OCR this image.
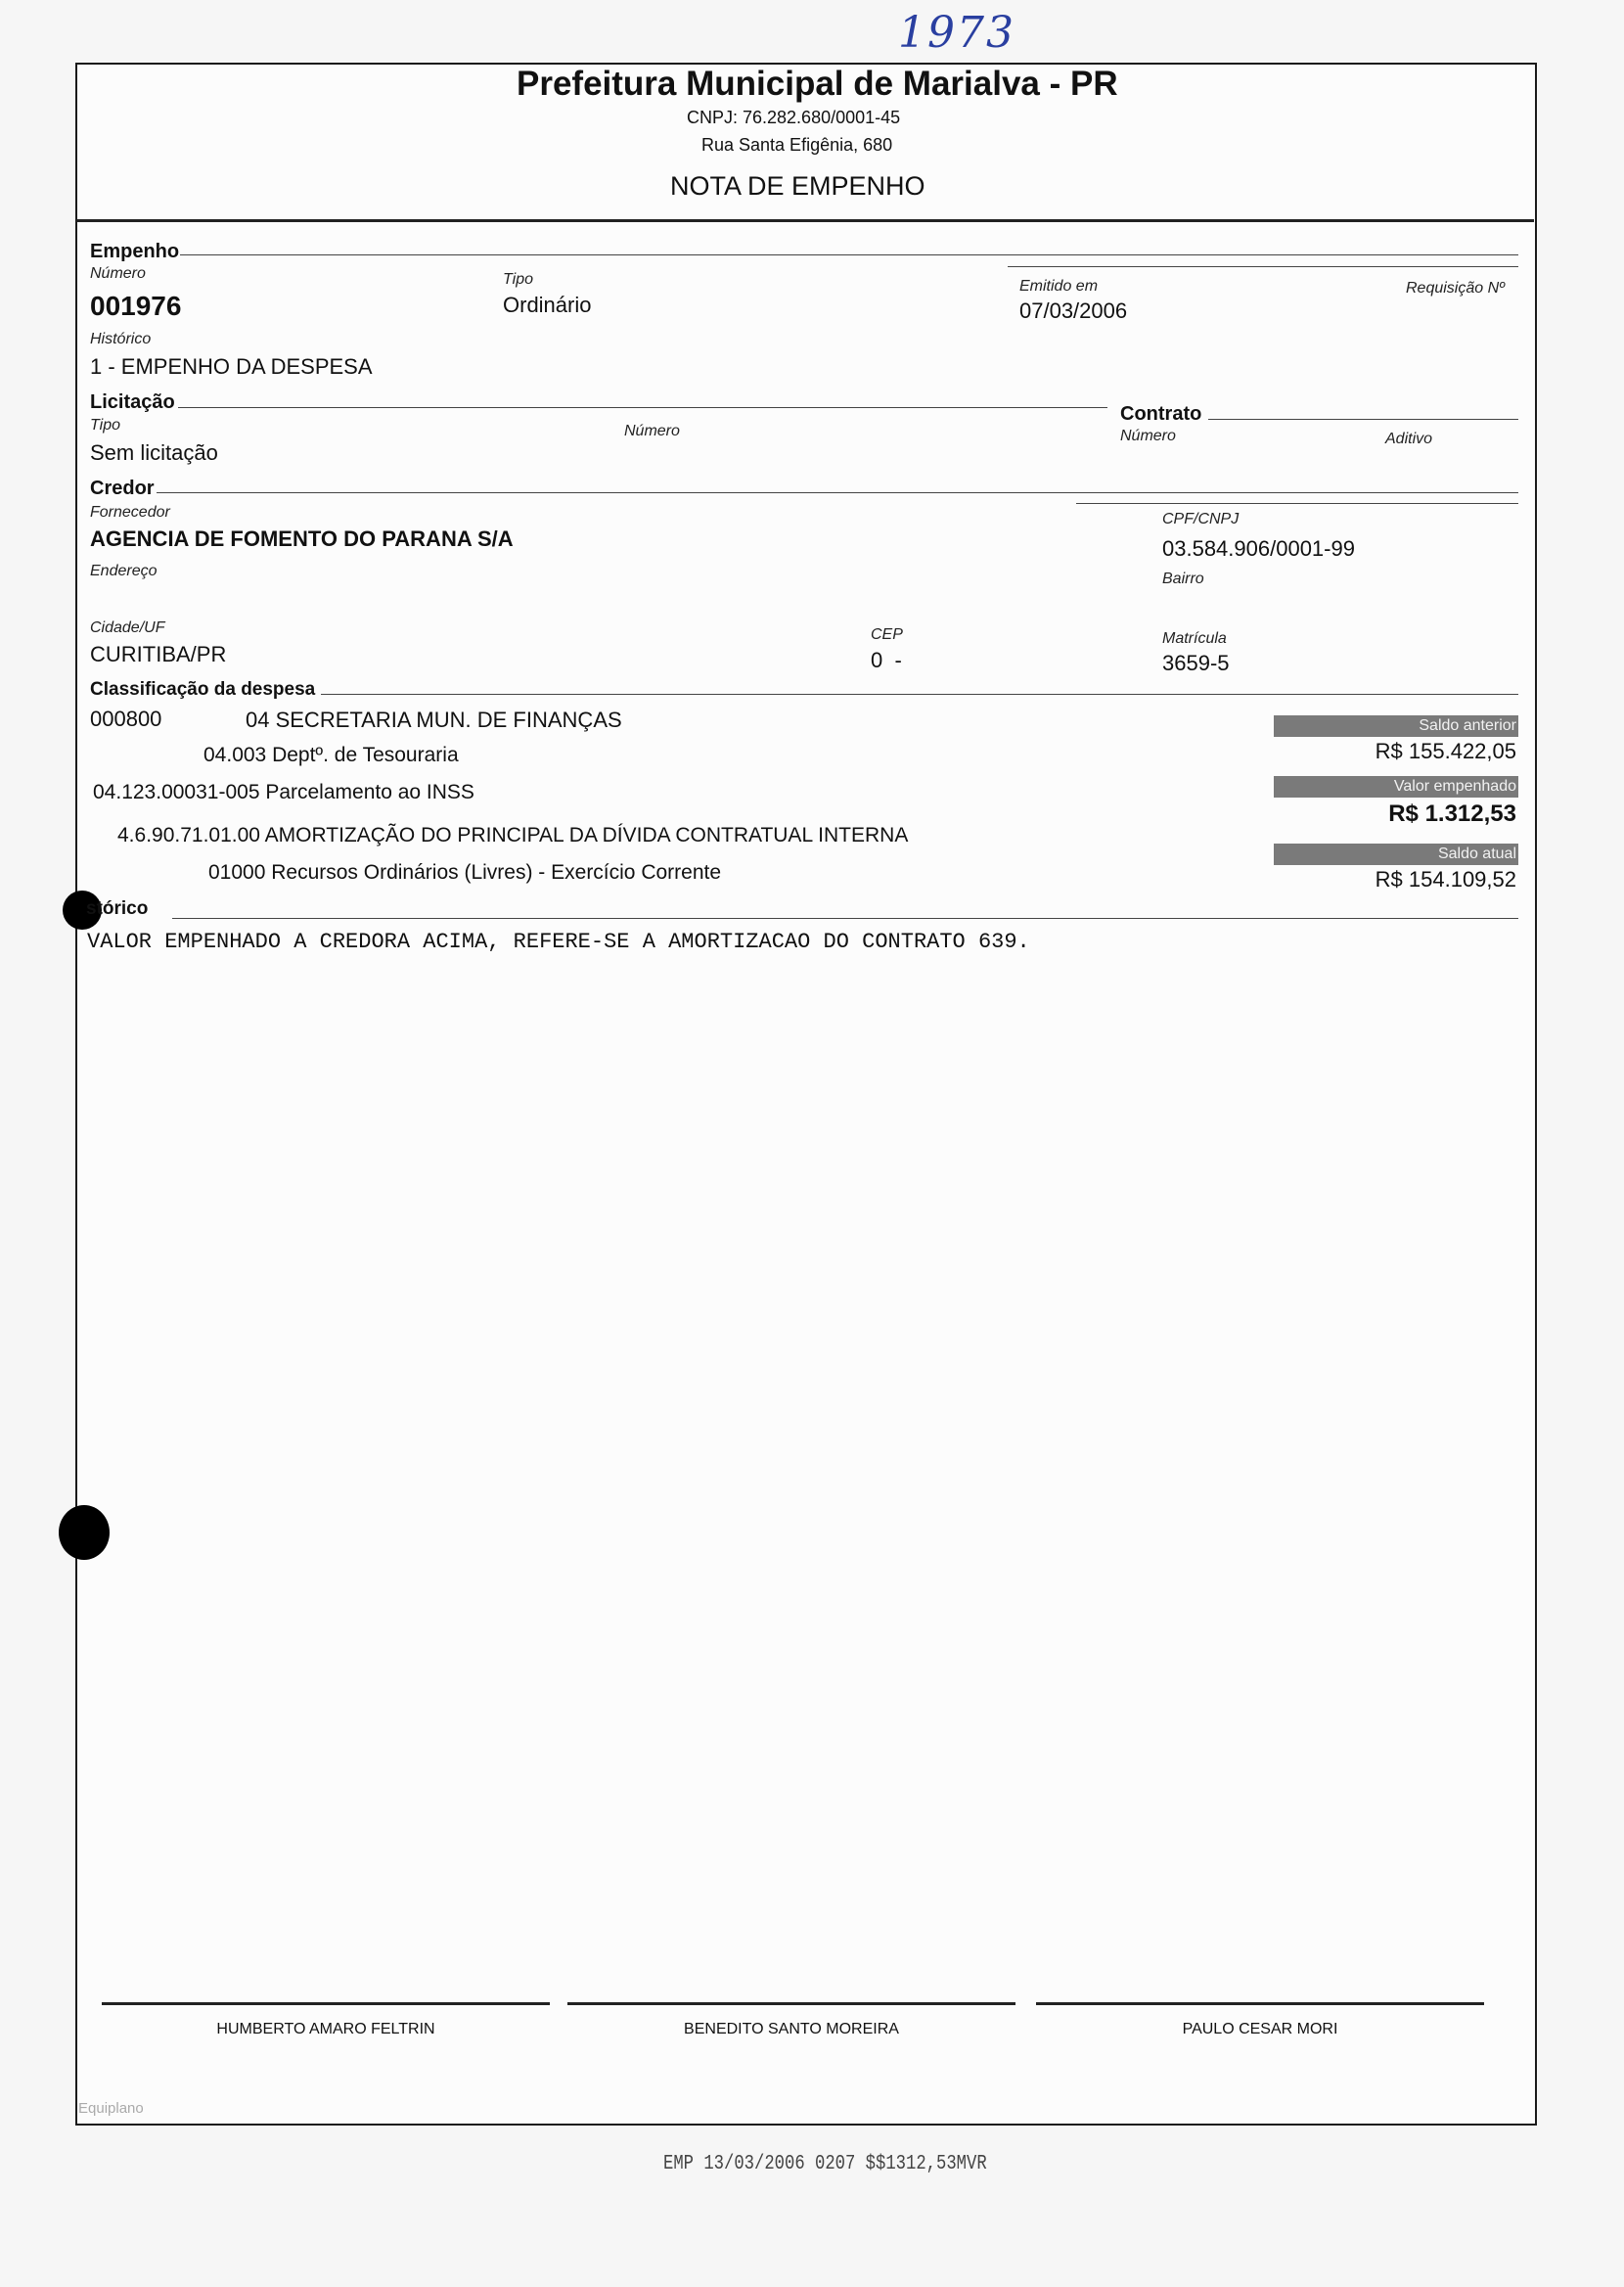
1973
Prefeitura Municipal de Marialva - PR
CNPJ: 76.282.680/0001-45
Rua Santa Efigênia, 680
NOTA DE EMPENHO
Empenho
Número
001976
Tipo
Ordinário
Emitido em
07/03/2006
Requisição Nº
Histórico
1 - EMPENHO DA DESPESA
Licitação
Tipo
Sem licitação
Número
Contrato
Número	Aditivo
Credor
Fornecedor
AGENCIA DE FOMENTO DO PARANA S/A
CPF/CNPJ
03.584.906/0001-99
Endereço	Bairro
Cidade/UF
CURITIBA/PR
CEP
0  -
Matrícula
3659-5
Classificação da despesa
000800	04 SECRETARIA MUN. DE FINANÇAS
04.003 Deptº. de Tesouraria
04.123.00031-005 Parcelamento ao INSS
4.6.90.71.01.00 AMORTIZAÇÃO DO PRINCIPAL DA DÍVIDA CONTRATUAL INTERNA
01000 Recursos Ordinários (Livres) - Exercício Corrente
Saldo anterior
R$ 155.422,05
Valor empenhado
R$ 1.312,53
Saldo atual
R$ 154.109,52
stórico
VALOR EMPENHADO A CREDORA ACIMA, REFERE-SE A AMORTIZACAO DO CONTRATO 639.
HUMBERTO AMARO FELTRIN	BENEDITO SANTO MOREIRA	PAULO CESAR MORI
Equiplano
EMP 13/03/2006 0207 $$1312,53MVR
